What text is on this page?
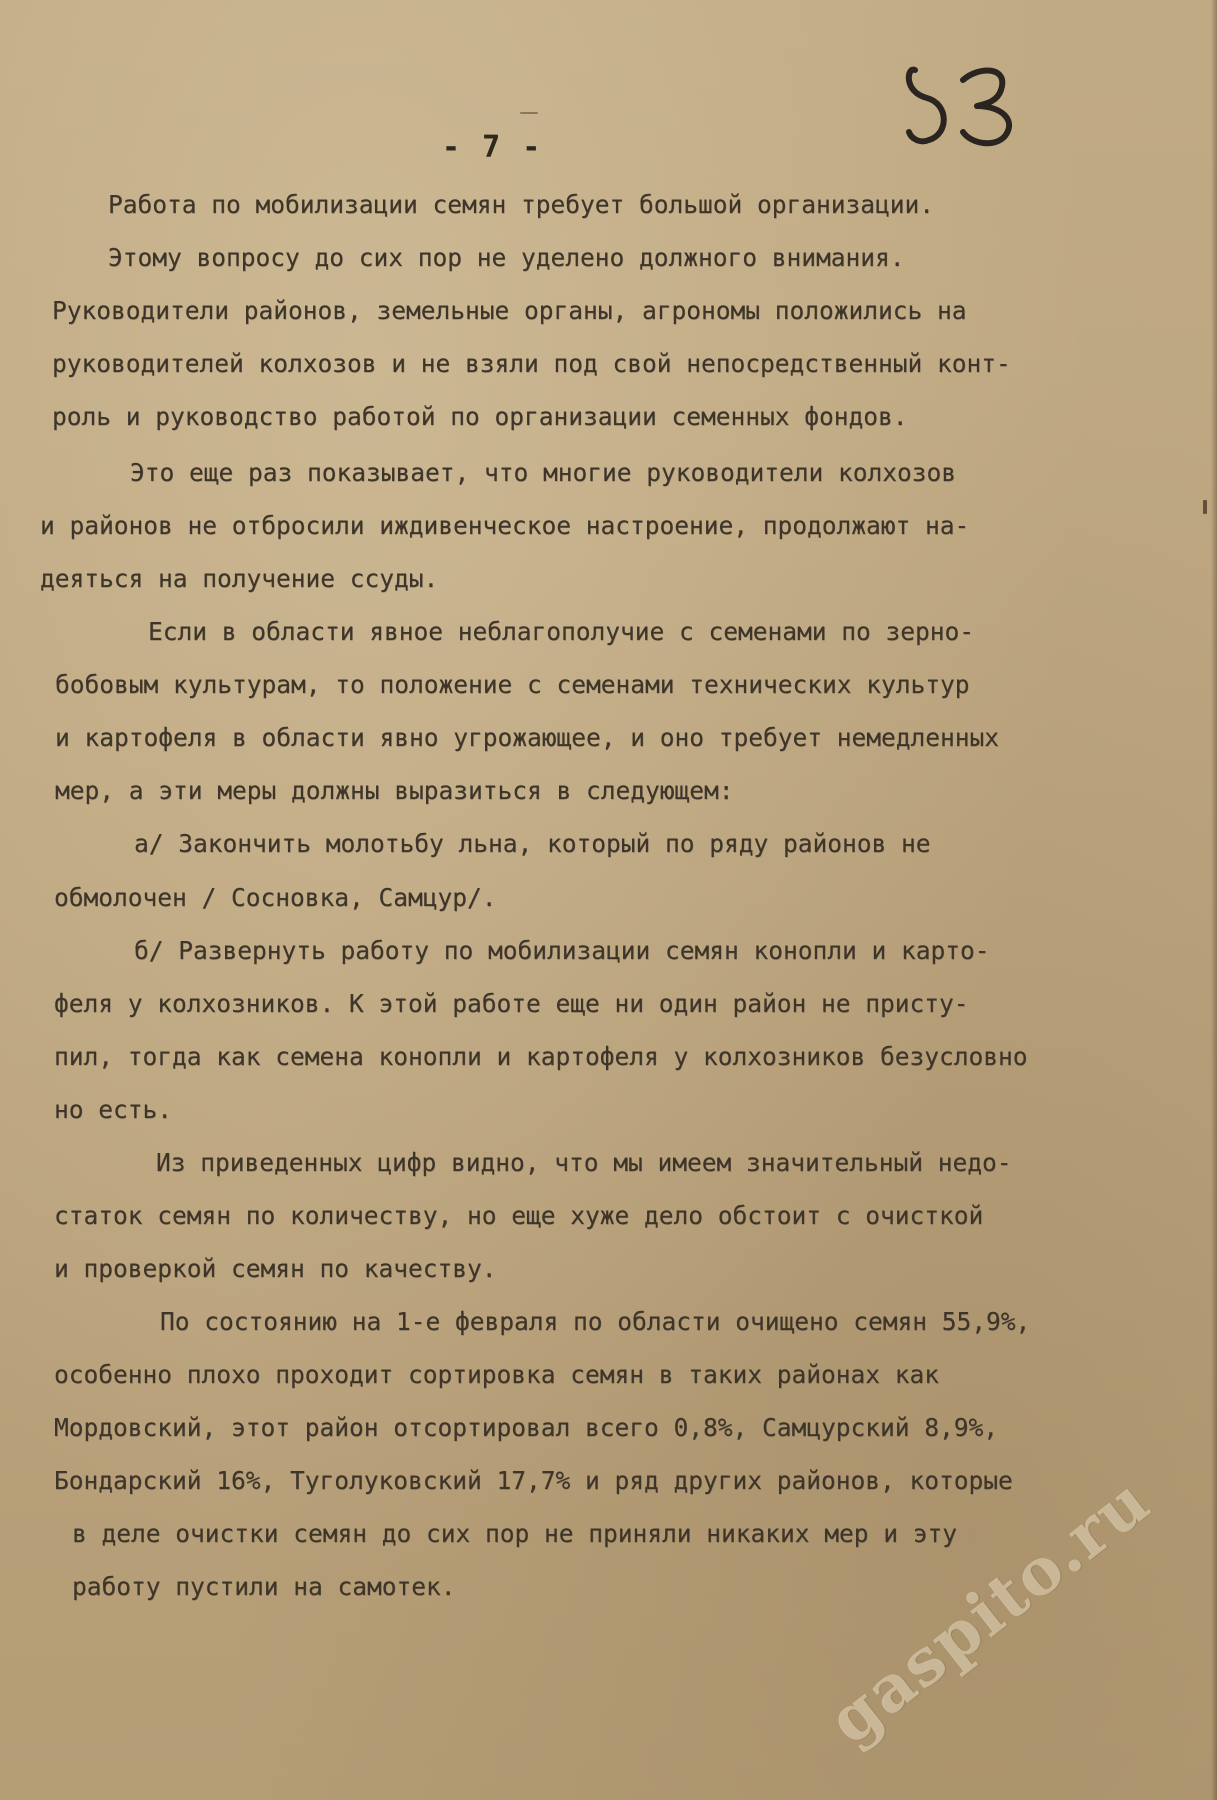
- 7 -
Работа по мобилизации семян требует большой организации.
Этому вопросу до сих пор не уделено должного внимания.
Руководители районов, земельные органы, агрономы положились на
руководителей колхозов и не взяли под свой непосредственный конт-
роль и руководство работой по организации семенных фондов.
Это еще раз показывает, что многие руководители колхозов
и районов не отбросили иждивенческое настроение, продолжают на-
деяться на получение ссуды.
Если в области явное неблагополучие с семенами по зерно-
бобовым культурам, то положение с семенами технических культур
и картофеля в области явно угрожающее, и оно требует немедленных
мер, а эти меры должны выразиться в следующем:
а/ Закончить молотьбу льна, который по ряду районов не
обмолочен / Сосновка, Самцур/.
б/ Развернуть работу по мобилизации семян конопли и карто-
феля у колхозников. К этой работе еще ни один район не присту-
пил, тогда как семена конопли и картофеля у колхозников безусловно
но есть.
Из приведенных цифр видно, что мы имеем значительный недо-
статок семян по количеству, но еще хуже дело обстоит с очисткой
и проверкой семян по качеству.
По состоянию на 1-е февраля по области очищено семян 55,9%,
особенно плохо проходит сортировка семян в таких районах как
Мордовский, этот район отсортировал всего 0,8%, Самцурский 8,9%,
Бондарский 16%, Туголуковский 17,7% и ряд других районов, которые
в деле очистки семян до сих пор не приняли никаких мер и эту
работу пустили на самотек.	gaspito.ru
